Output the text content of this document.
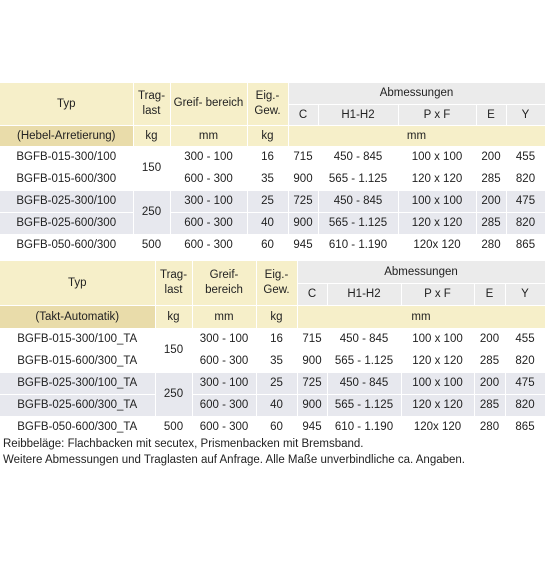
Typ	Trag- last	Greif- bereich	Eig.- Gew.	Abmessungen				
				C	H1-H2	P x F	E	Y
(Hebel-Arretierung)	kg	mm	kg	mm				
BGFB-015-300/100	150	300 - 100	16	715	450 - 845	100 x 100	200	455
BGFB-015-600/300		600 - 300	35	900	565 - 1.125	120 x 120	285	820
BGFB-025-300/100	250	300 - 100	25	725	450 - 845	100 x 100	200	475
BGFB-025-600/300		600 - 300	40	900	565 - 1.125	120 x 120	285	820
BGFB-050-600/300	500	600 - 300	60	945	610 - 1.190	120x 120	280	865
Typ	Trag- last	Greif- bereich	Eig.- Gew.	Abmessungen				
				C	H1-H2	P x F	E	Y
(Takt-Automatik)	kg	mm	kg	mm				
BGFB-015-300/100_TA	150	300 - 100	16	715	450 - 845	100 x 100	200	455
BGFB-015-600/300_TA		600 - 300	35	900	565 - 1.125	120 x 120	285	820
BGFB-025-300/100_TA	250	300 - 100	25	725	450 - 845	100 x 100	200	475
BGFB-025-600/300_TA		600 - 300	40	900	565 - 1.125	120 x 120	285	820
BGFB-050-600/300_TA	500	600 - 300	60	945	610 - 1.190	120x 120	280	865
Reibbeläge: Flachbacken mit secutex, Prismenbacken mit Bremsband.
Weitere Abmessungen und Traglasten auf Anfrage. Alle Maße unverbindliche ca. Angaben.
